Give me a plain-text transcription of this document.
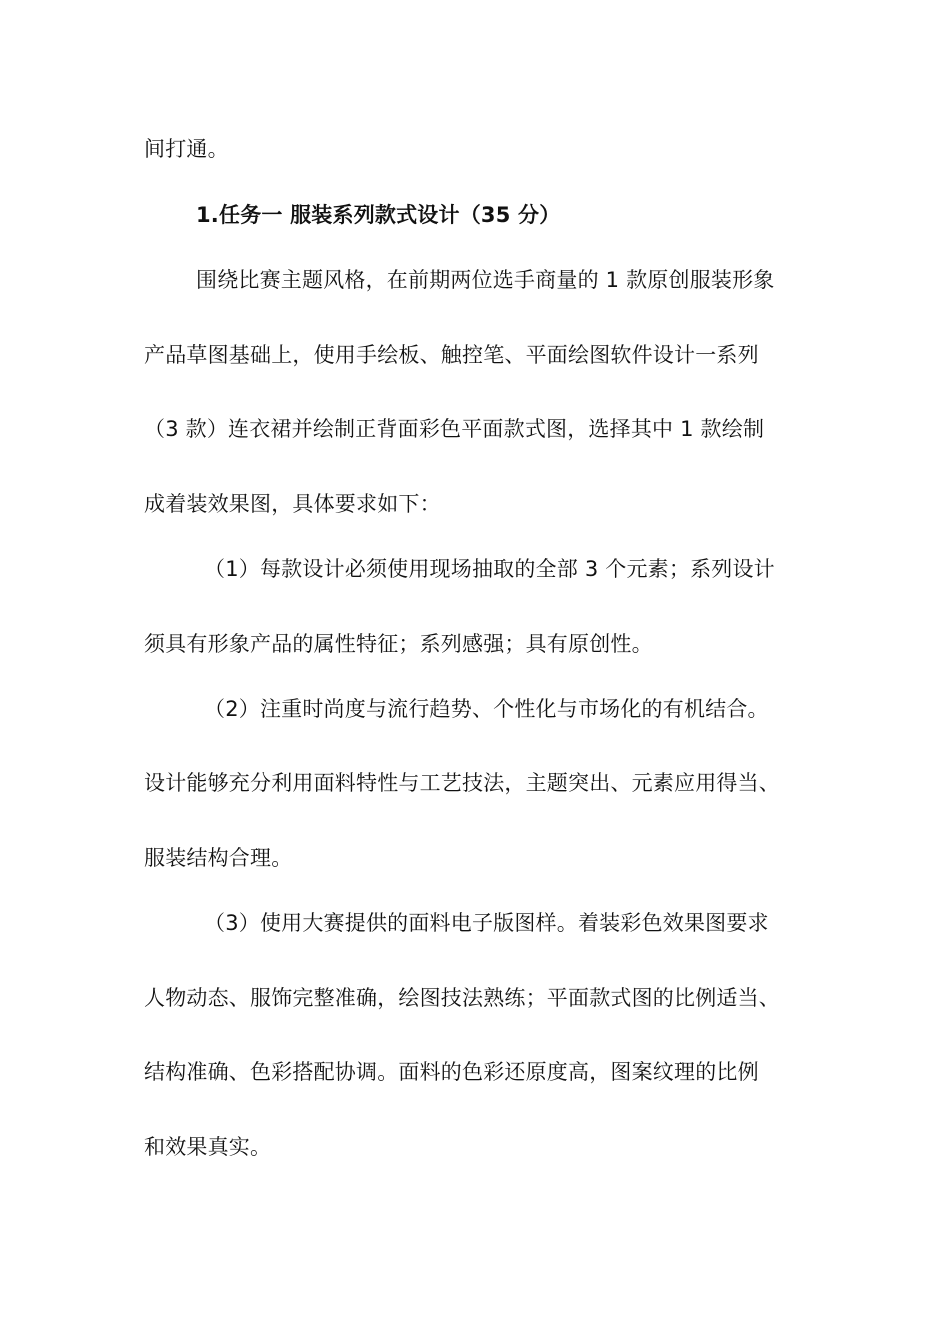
间打通。
1.任务一 服装系列款式设计（35 分）
围绕比赛主题风格，在前期两位选手商量的 1 款原创服装形象
产品草图基础上，使用手绘板、触控笔、平面绘图软件设计一系列
（3 款）连衣裙并绘制正背面彩色平面款式图，选择其中 1 款绘制
成着装效果图，具体要求如下：
（1）每款设计必须使用现场抽取的全部 3 个元素；系列设计
须具有形象产品的属性特征；系列感强；具有原创性。
（2）注重时尚度与流行趋势、个性化与市场化的有机结合。
设计能够充分利用面料特性与工艺技法，主题突出、元素应用得当、
服装结构合理。
（3）使用大赛提供的面料电子版图样。着装彩色效果图要求
人物动态、服饰完整准确，绘图技法熟练；平面款式图的比例适当、
结构准确、色彩搭配协调。面料的色彩还原度高，图案纹理的比例
和效果真实。
